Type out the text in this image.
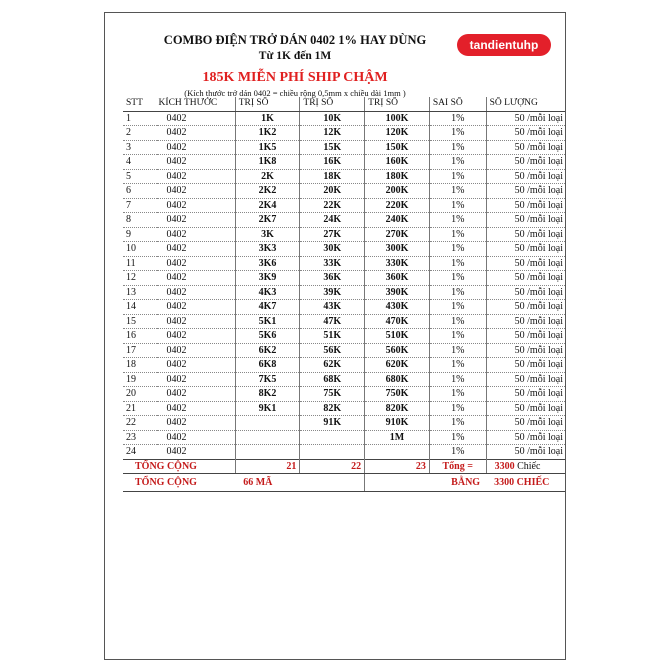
COMBO ĐIỆN TRỞ DÁN 0402 1% HAY DÙNG
Từ 1K đến 1M
185K MIỄN PHÍ SHIP CHẬM
(Kích thước trở dán 0402 = chiều rộng 0,5mm x chiều dài 1mm )
tandientuhp
STT	KÍCH THƯỚC	TRỊ SỐ	TRỊ SỐ	TRỊ SỐ	SAI SỐ	SỐ LƯỢNG
1	0402	1K	10K	100K	1%	50 /mỗi loại
2	0402	1K2	12K	120K	1%	50 /mỗi loại
3	0402	1K5	15K	150K	1%	50 /mỗi loại
4	0402	1K8	16K	160K	1%	50 /mỗi loại
5	0402	2K	18K	180K	1%	50 /mỗi loại
6	0402	2K2	20K	200K	1%	50 /mỗi loại
7	0402	2K4	22K	220K	1%	50 /mỗi loại
8	0402	2K7	24K	240K	1%	50 /mỗi loại
9	0402	3K	27K	270K	1%	50 /mỗi loại
10	0402	3K3	30K	300K	1%	50 /mỗi loại
11	0402	3K6	33K	330K	1%	50 /mỗi loại
12	0402	3K9	36K	360K	1%	50 /mỗi loại
13	0402	4K3	39K	390K	1%	50 /mỗi loại
14	0402	4K7	43K	430K	1%	50 /mỗi loại
15	0402	5K1	47K	470K	1%	50 /mỗi loại
16	0402	5K6	51K	510K	1%	50 /mỗi loại
17	0402	6K2	56K	560K	1%	50 /mỗi loại
18	0402	6K8	62K	620K	1%	50 /mỗi loại
19	0402	7K5	68K	680K	1%	50 /mỗi loại
20	0402	8K2	75K	750K	1%	50 /mỗi loại
21	0402	9K1	82K	820K	1%	50 /mỗi loại
22	0402		91K	910K	1%	50 /mỗi loại
23	0402			1M	1%	50 /mỗi loại
24	0402				1%	50 /mỗi loại
TỔNG CỘNG		21	22	23	Tổng =	3300 Chiếc
TỔNG CỘNG		66 MÃ			BẰNG	3300 CHIẾC
